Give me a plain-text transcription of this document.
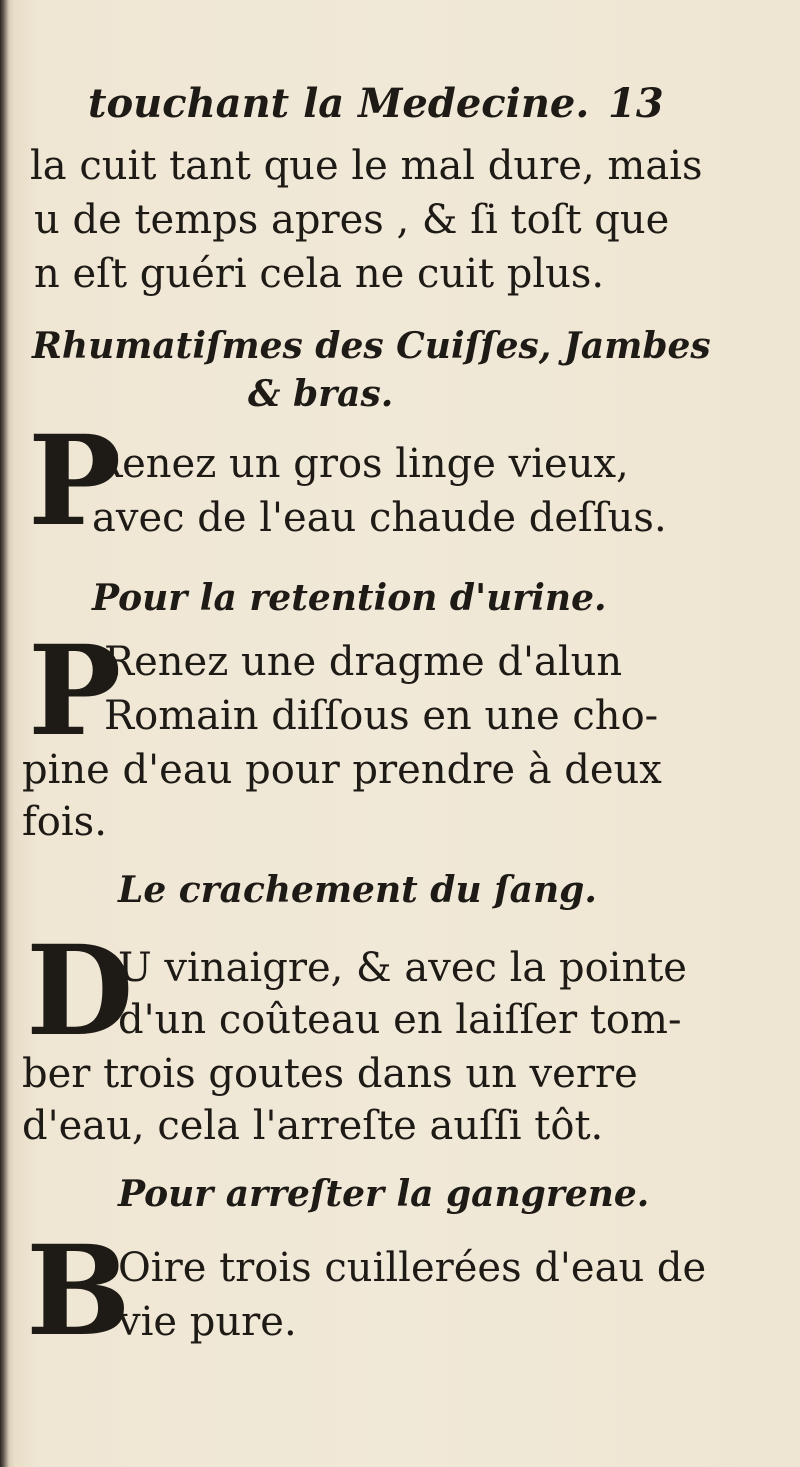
touchant la Medecine. 13
la cuit tant que le mal dure, mais
u de temps apres , & ſi toſt que
n eſt guéri cela ne cuit plus.
Rhumatiſmes des Cuiſſes, Jambes
& bras.
P
Renez un gros linge vieux,
avec de l'eau chaude deſſus.
Pour la retention d'urine.
P
Renez une dragme d'alun
Romain diſſous en une cho-
pine d'eau pour prendre à deux
fois.
Le crachement du ſang.
D
U vinaigre, & avec la pointe
d'un coûteau en laiſſer tom-
ber trois goutes dans un verre
d'eau, cela l'arreſte auſſi tôt.
Pour arreſter la gangrene.
B
Oire trois cuillerées d'eau de
vie pure.
